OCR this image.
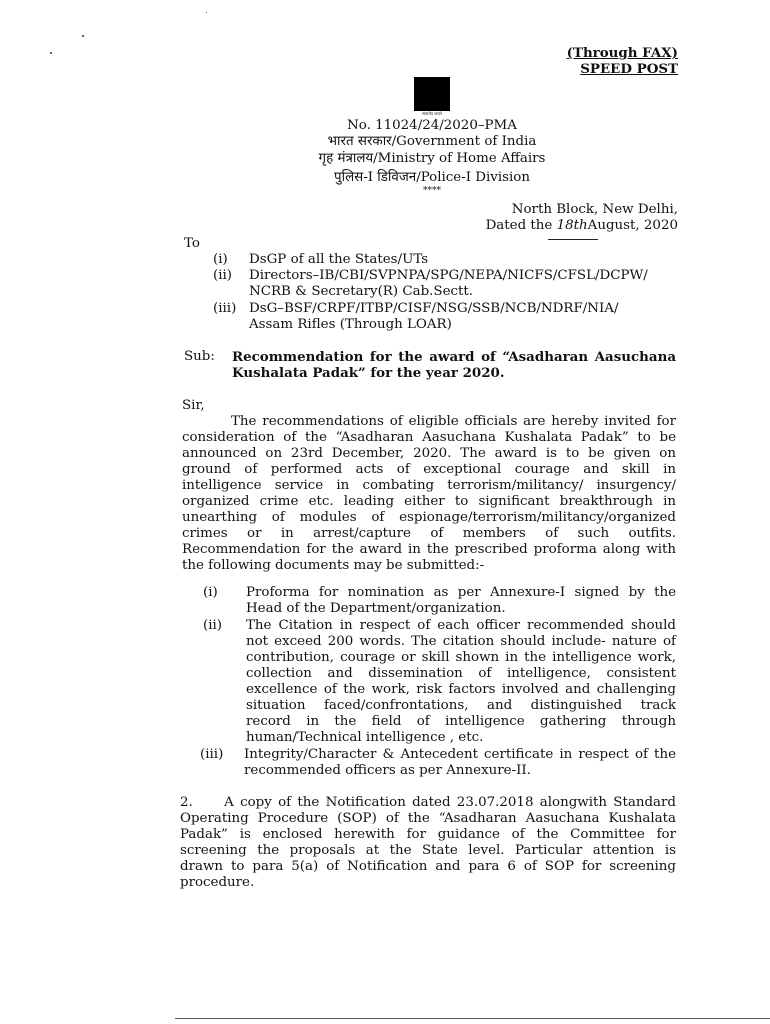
(Through FAX)
SPEED POST
सत्यमेव जयते
No. 11024/24/2020–PMA
भारत सरकार/Government of India
गृह मंत्रालय/Ministry of Home Affairs
पुलिस-I डिविजन/Police-I Division
****
North Block, New Delhi,
Dated the 18thAugust, 2020
To
(i) DsGP of all the States/UTs
(ii) Directors–IB/CBI/SVPNPA/SPG/NEPA/NICFS/CFSL/DCPW/
NCRB & Secretary(R) Cab.Sectt.
(iii) DsG–BSF/CRPF/ITBP/CISF/NSG/SSB/NCB/NDRF/NIA/
Assam Rifles (Through LOAR)
Sub: Recommendation for the award of “Asadharan Aasuchana
Kushalata Padak” for the year 2020.
Sir,
The recommendations of eligible officials are hereby invited for
consideration of the “Asadharan Aasuchana Kushalata Padak” to be
announced on 23rd December, 2020. The award is to be given on
ground of performed acts of exceptional courage and skill in
intelligence service in combating terrorism/militancy/ insurgency/
organized crime etc. leading either to significant breakthrough in
unearthing of modules of espionage/terrorism/militancy/organized
crimes or in arrest/capture of members of such outfits.
Recommendation for the award in the prescribed proforma along with
the following documents may be submitted:-
(i) Proforma for nomination as per Annexure-I signed by the
Head of the Department/organization.
(ii) The Citation in respect of each officer recommended should
not exceed 200 words. The citation should include- nature of
contribution, courage or skill shown in the intelligence work,
collection and dissemination of intelligence, consistent
excellence of the work, risk factors involved and challenging
situation faced/confrontations, and distinguished track
record in the field of intelligence gathering through
human/Technical intelligence , etc.
(iii) Integrity/Character & Antecedent certificate in respect of the
recommended officers as per Annexure-II.
2.     A copy of the Notification dated 23.07.2018 alongwith Standard
Operating Procedure (SOP) of the “Asadharan Aasuchana Kushalata
Padak” is enclosed herewith for guidance of the Committee for
screening the proposals at the State level. Particular attention is
drawn to para 5(a) of Notification and para 6 of SOP for screening
procedure.
